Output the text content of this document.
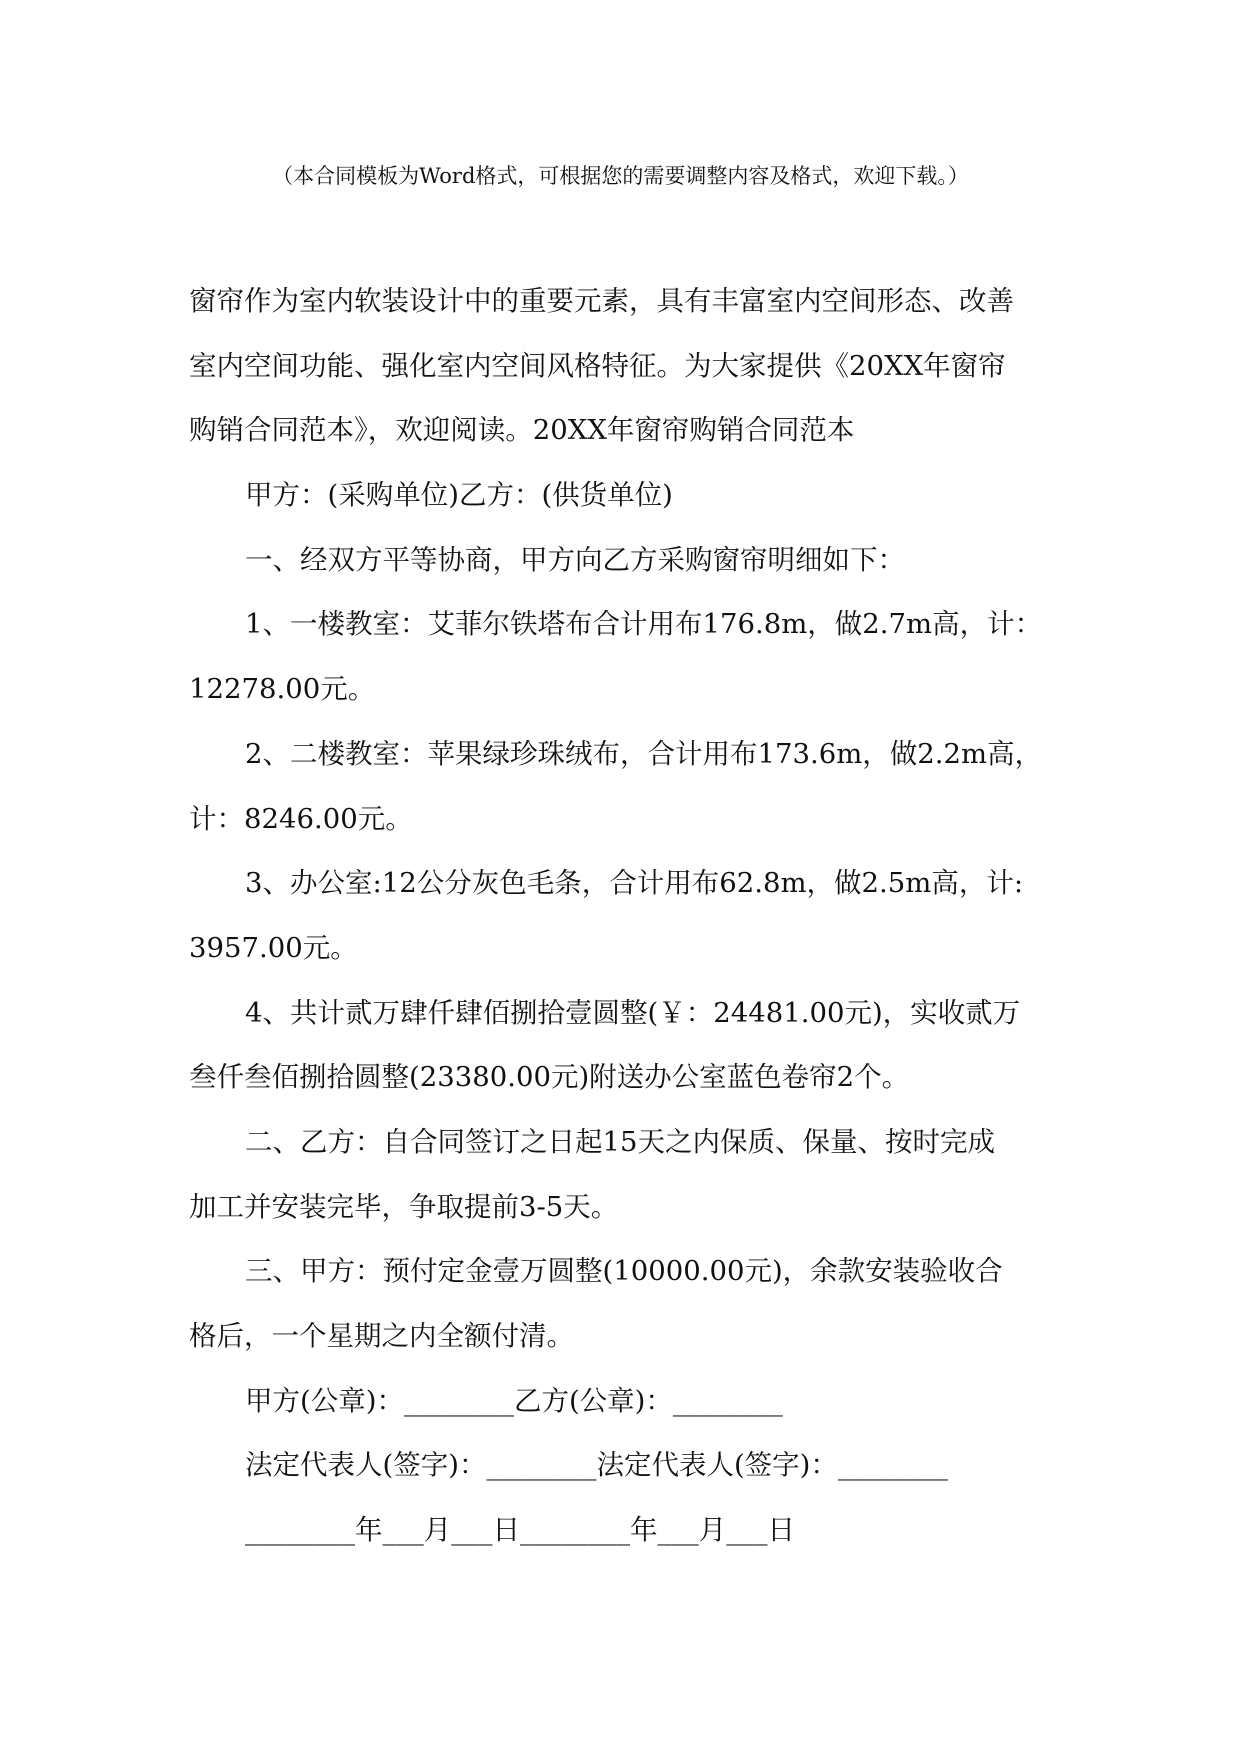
（本合同模板为Word格式，可根据您的需要调整内容及格式，欢迎下载。）
窗帘作为室内软装设计中的重要元素，具有丰富室内空间形态、改善
室内空间功能、强化室内空间风格特征。为大家提供《20XX年窗帘
购销合同范本》，欢迎阅读。20XX年窗帘购销合同范本
甲方：(采购单位)乙方：(供货单位)
一、经双方平等协商，甲方向乙方采购窗帘明细如下：
1、一楼教室：艾菲尔铁塔布合计用布176.8m，做2.7m高，计：
12278.00元。
2、二楼教室：苹果绿珍珠绒布，合计用布173.6m，做2.2m高，
计：8246.00元。
3、办公室:12公分灰色毛条，合计用布62.8m，做2.5m高，计:
3957.00元。
4、共计贰万肆仟肆佰捌拾壹圆整(￥：24481.00元)，实收贰万
叁仟叁佰捌拾圆整(23380.00元)附送办公室蓝色卷帘2个。
二、乙方：自合同签订之日起15天之内保质、保量、按时完成
加工并安装完毕，争取提前3-5天。
三、甲方：预付定金壹万圆整(10000.00元)，余款安装验收合
格后，一个星期之内全额付清。
甲方(公章)：________乙方(公章)：________
法定代表人(签字)：________法定代表人(签字)：________
________年___月___日________年___月___日
